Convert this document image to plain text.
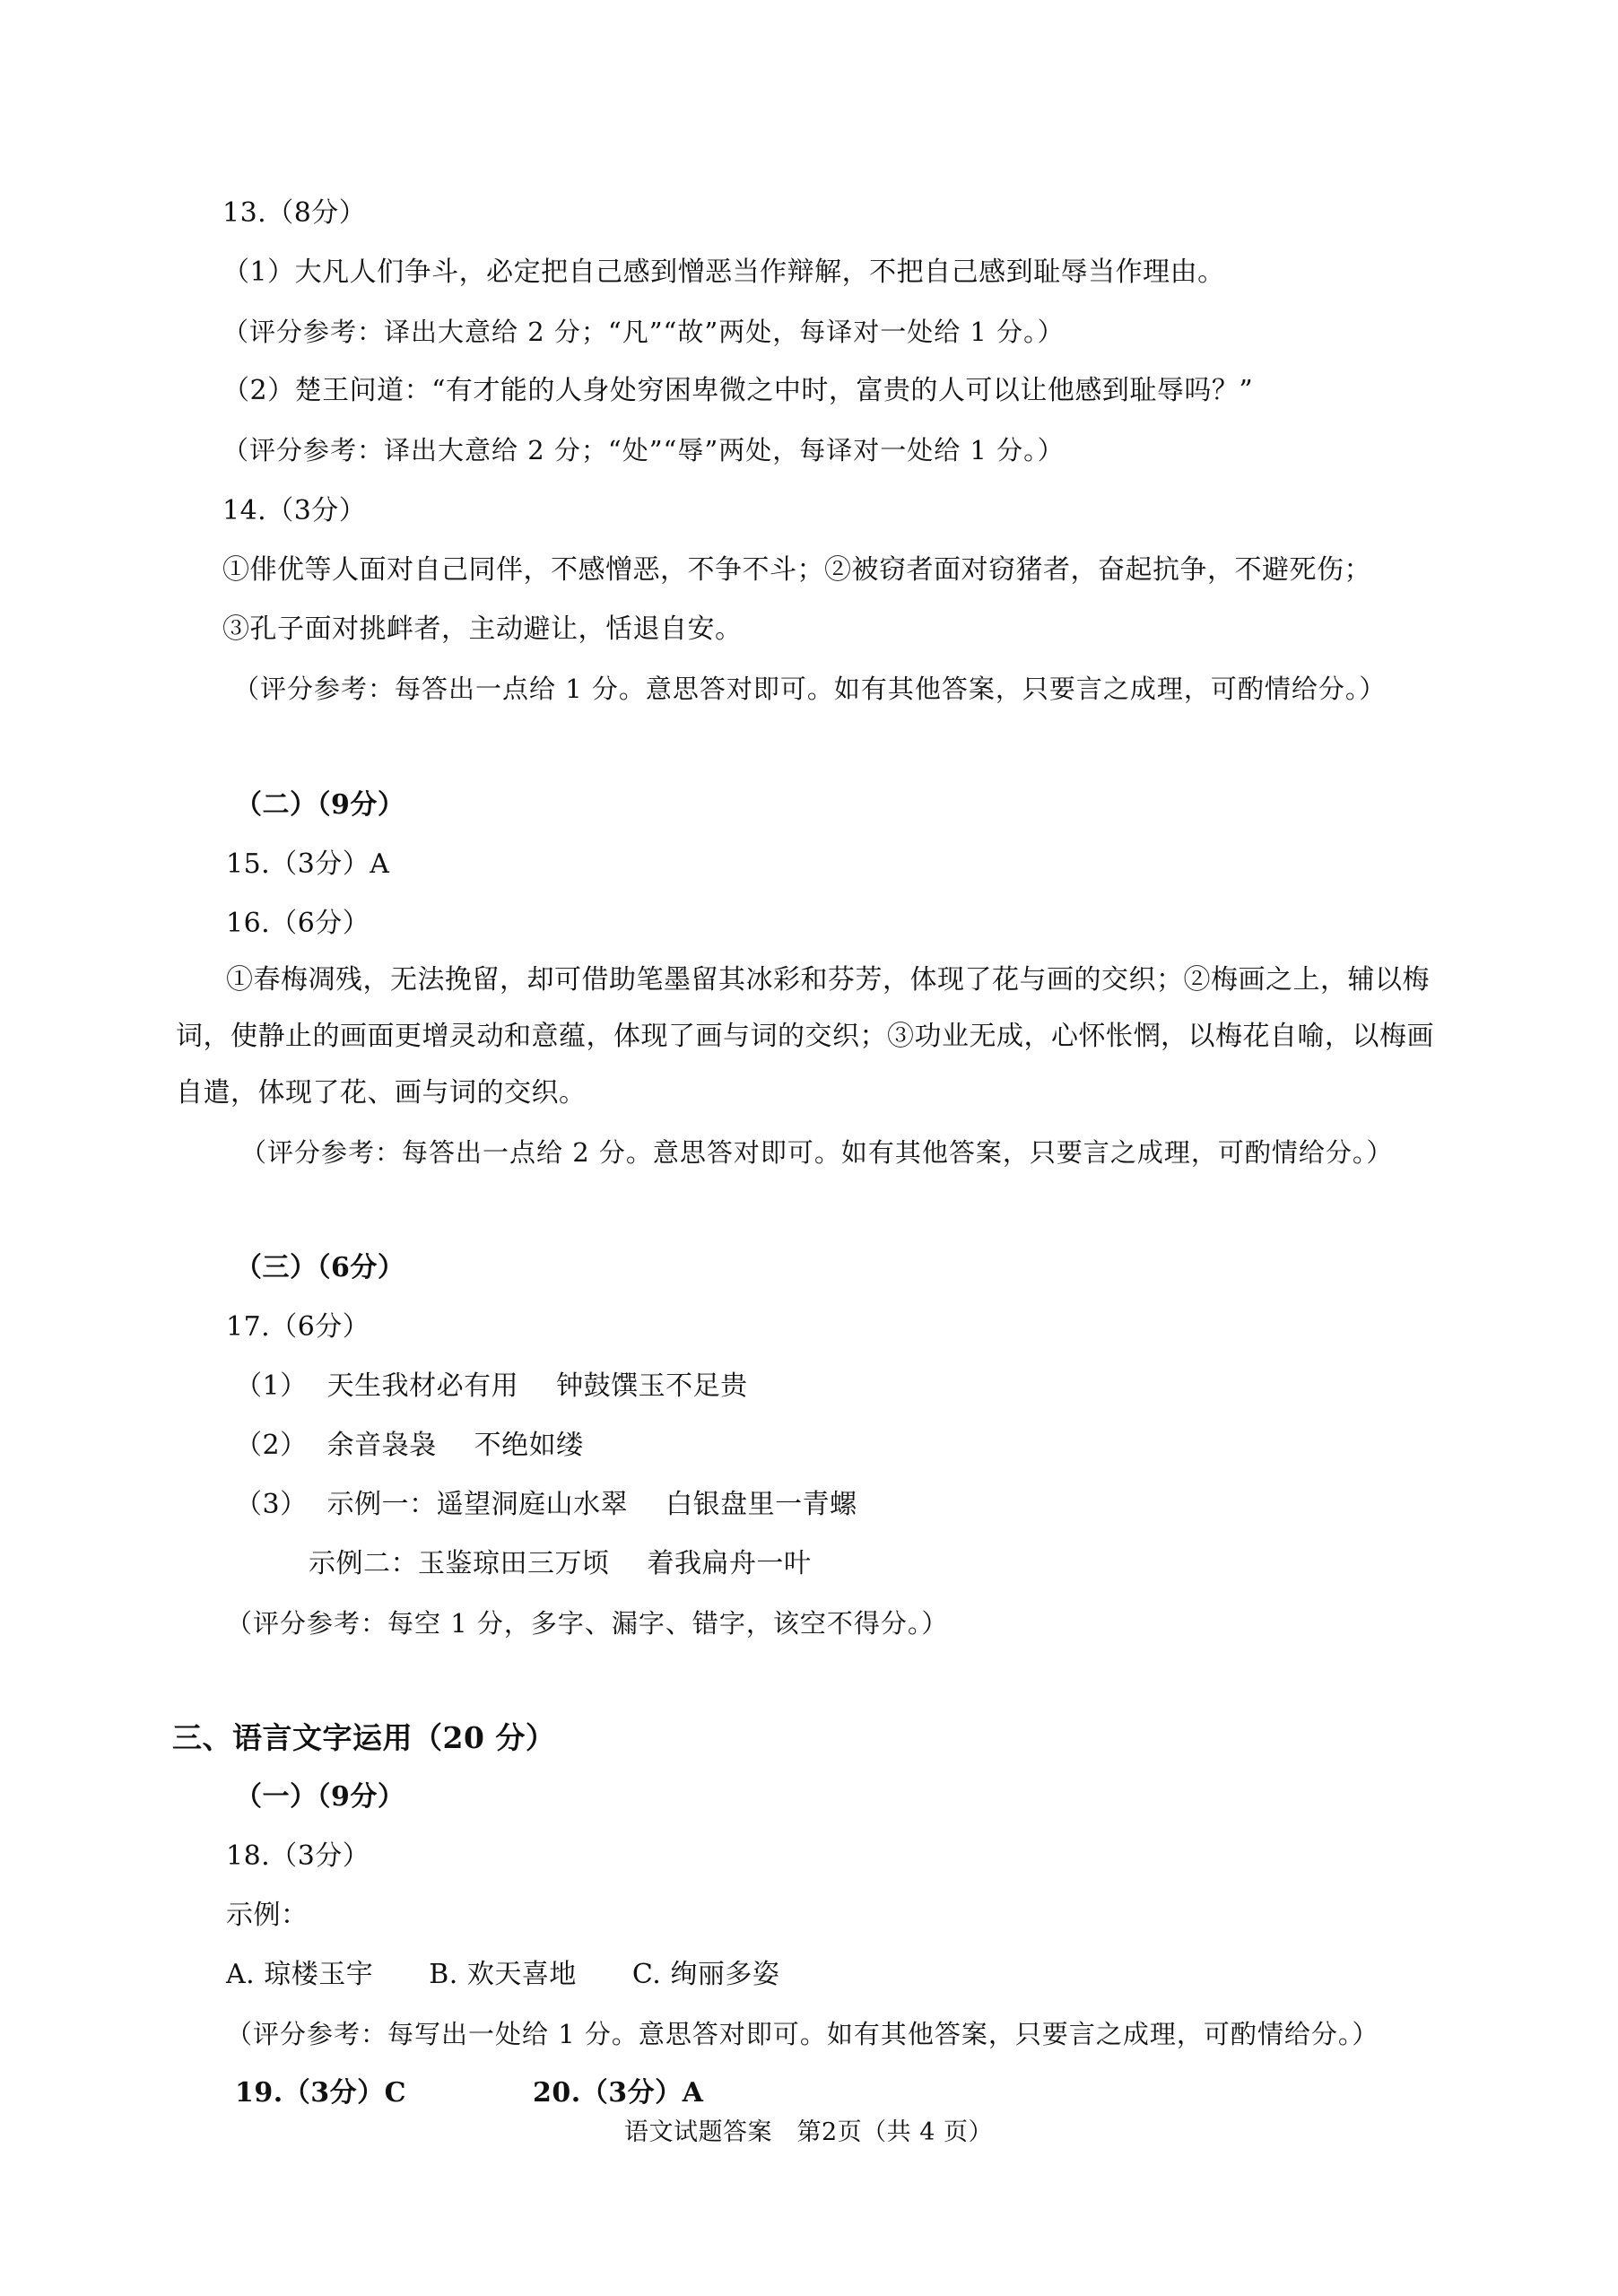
13.（8分）
（1）大凡人们争斗，必定把自己感到憎恶当作辩解，不把自己感到耻辱当作理由。
（评分参考：译出大意给 2 分；“凡”“故”两处，每译对一处给 1 分。）
（2）楚王问道：“有才能的人身处穷困卑微之中时，富贵的人可以让他感到耻辱吗？”
（评分参考：译出大意给 2 分；“处”“辱”两处，每译对一处给 1 分。）
14.（3分）
①俳优等人面对自己同伴，不感憎恶，不争不斗；②被窃者面对窃猪者，奋起抗争，不避死伤；
③孔子面对挑衅者，主动避让，恬退自安。
（评分参考：每答出一点给 1 分。意思答对即可。如有其他答案，只要言之成理，可酌情给分。）
（二）（9分）
15.（3分）A
16.（6分）
①春梅凋残，无法挽留，却可借助笔墨留其冰彩和芬芳，体现了花与画的交织；②梅画之上，辅以梅
词，使静止的画面更增灵动和意蕴，体现了画与词的交织；③功业无成，心怀怅惘，以梅花自喻，以梅画
自遣，体现了花、画与词的交织。
（评分参考：每答出一点给 2 分。意思答对即可。如有其他答案，只要言之成理，可酌情给分。）
（三）（6分）
17.（6分）
（1） 天生我材必有用 钟鼓馔玉不足贵
（2） 余音袅袅 不绝如缕
（3） 示例一：遥望洞庭山水翠 白银盘里一青螺
示例二：玉鉴琼田三万顷 着我扁舟一叶
（评分参考：每空 1 分，多字、漏字、错字，该空不得分。）
三、语言文字运用（20 分）
（一）（9分）
18.（3分）
示例：
A. 琼楼玉宇 B. 欢天喜地 C. 绚丽多姿
（评分参考：每写出一处给 1 分。意思答对即可。如有其他答案，只要言之成理，可酌情给分。）
19.（3分）C	20.（3分）A
语文试题答案　第2页（共 4 页）
